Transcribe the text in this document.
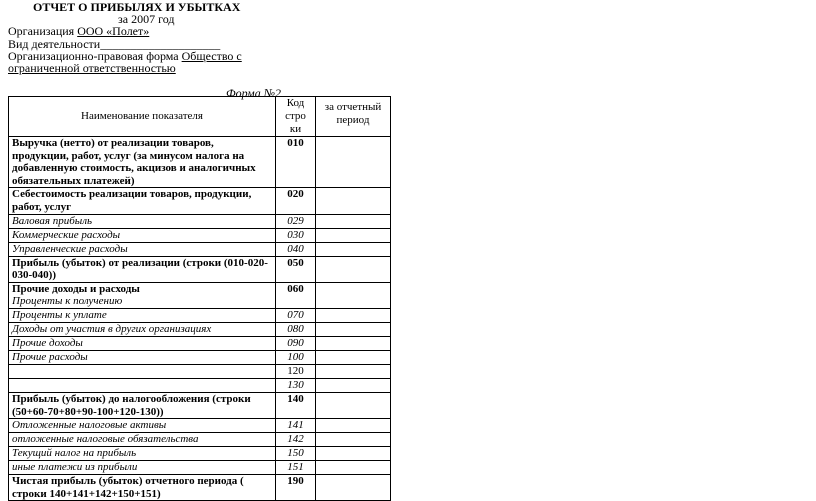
ОТЧЕТ О ПРИБЫЛЯХ И УБЫТКАХ
за 2007 год
Организация ООО «Полет»
Вид деятельности____________________
Организационно-правовая форма Общество с
ограниченной ответственностью
Форма №2
Наименование показателя	Код стро ки	за отчетный период
Выручка (нетто) от реализации товаров, продукции, работ, услуг (за минусом налога на добавленную стоимость, акцизов и аналогичных обязательных платежей)	010	
Себестоимость реализации товаров, продукции, работ, услуг	020	
Валовая прибыль	029	
Коммерческие расходы	030	
Управленческие расходы	040	
Прибыль (убыток) от реализации (строки (010-020-030-040))	050	
Прочие доходы и расходы
Проценты к получению	060	
Проценты к уплате	070	
Доходы от участия в других организациях	080	
Прочие доходы	090	
Прочие расходы	100	
	120	
	130	
Прибыль (убыток) до налогообложения (строки (50+60-70+80+90-100+120-130))	140	
Отложенные налоговые активы	141	
отложенные налоговые обязательства	142	
Текущий налог на прибыль	150	
иные платежи из прибыли	151	
Чистая прибыль (убыток) отчетного периода ( строки 140+141+142+150+151)	190	
